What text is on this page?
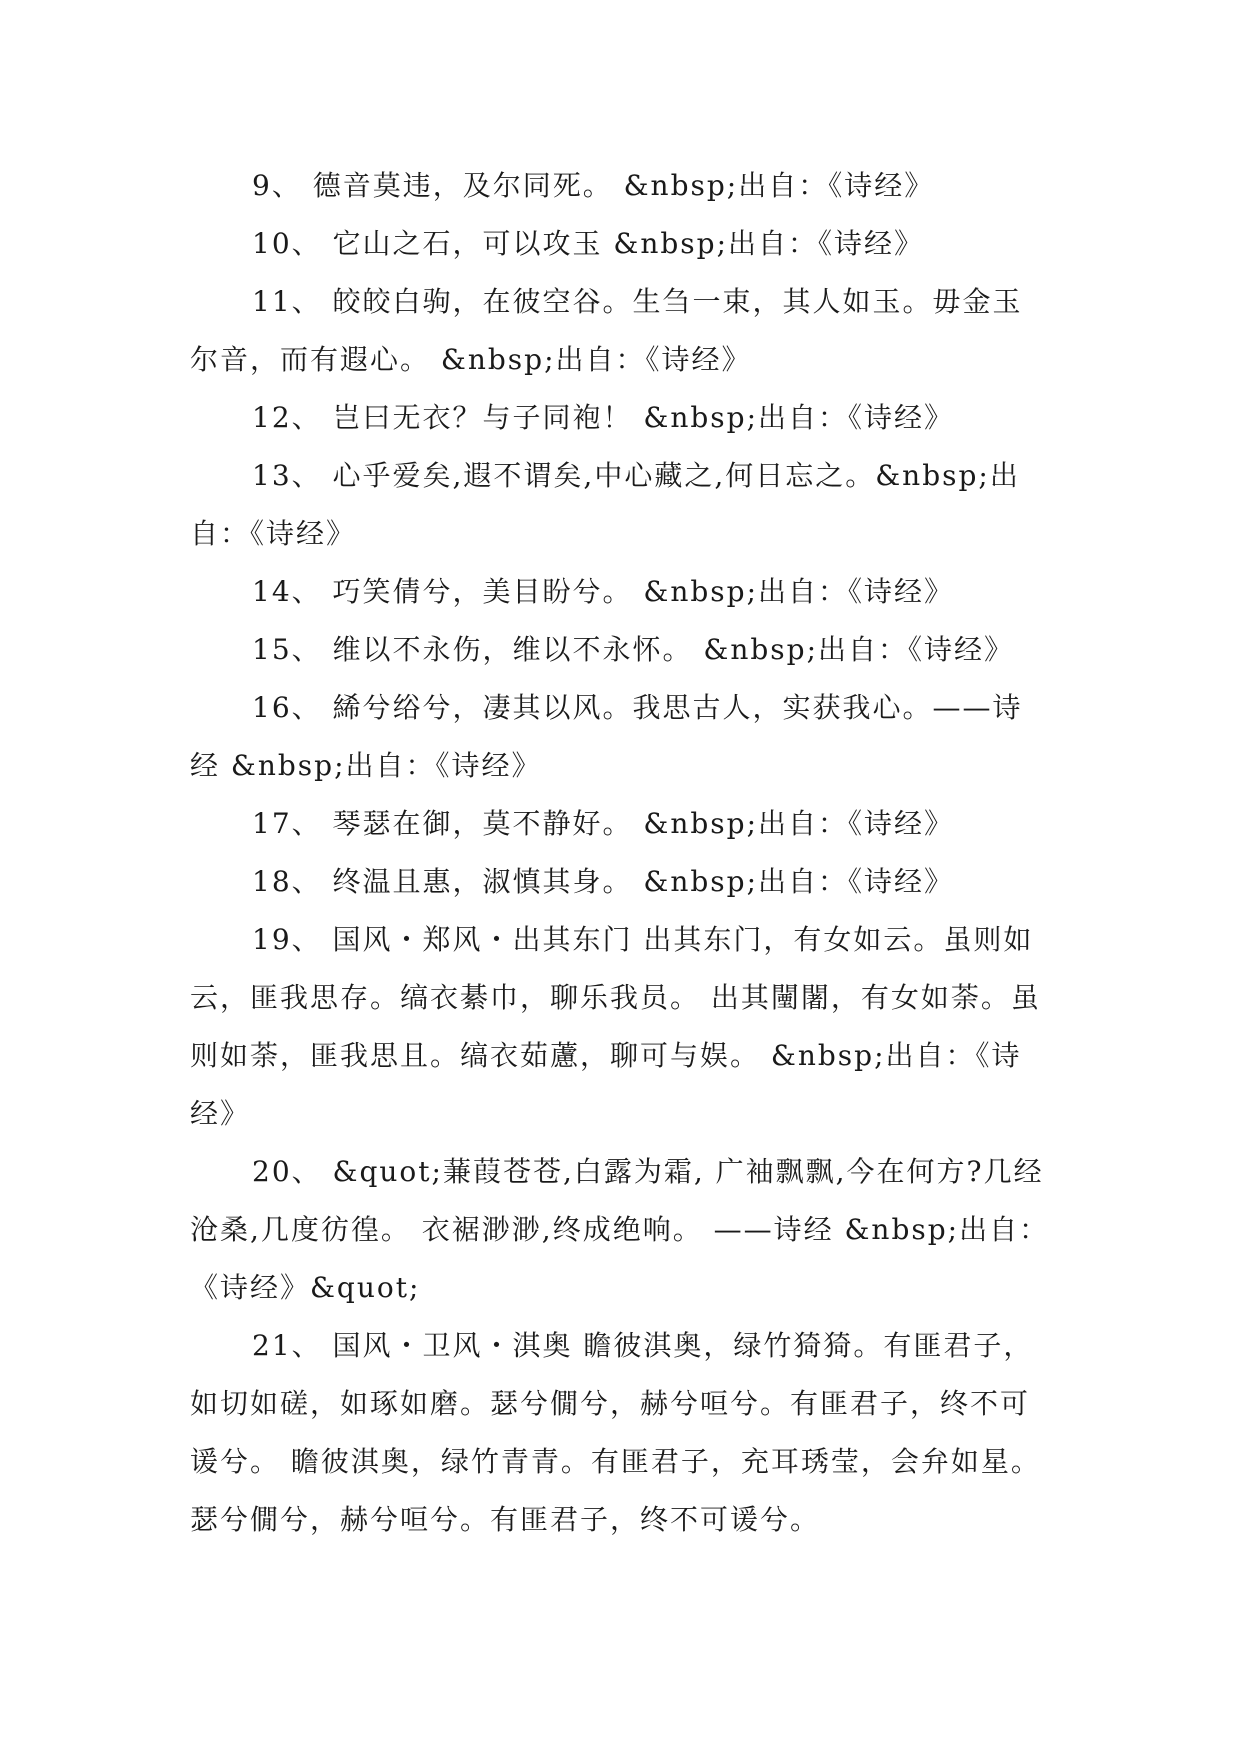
9、 德音莫违，及尔同死。 &nbsp;出自：《诗经》

10、 它山之石，可以攻玉 &nbsp;出自：《诗经》

11、 皎皎白驹，在彼空谷。生刍一束，其人如玉。毋金玉尔音，而有遐心。 &nbsp;出自：《诗经》

12、 岂曰无衣？与子同袍！ &nbsp;出自：《诗经》

13、 心乎爱矣,遐不谓矣,中心藏之,何日忘之。&nbsp;出自：《诗经》

14、 巧笑倩兮，美目盼兮。 &nbsp;出自：《诗经》

15、 维以不永伤，维以不永怀。 &nbsp;出自：《诗经》

16、 絺兮绤兮，凄其以风。我思古人，实获我心。——诗经 &nbsp;出自：《诗经》

17、 琴瑟在御，莫不静好。 &nbsp;出自：《诗经》

18、 终温且惠，淑慎其身。 &nbsp;出自：《诗经》

19、 国风・郑风・出其东门 出其东门，有女如云。虽则如云，匪我思存。缟衣綦巾，聊乐我员。 出其闉闍，有女如荼。虽则如荼，匪我思且。缟衣茹藘，聊可与娱。 &nbsp;出自：《诗经》

20、 &quot;蒹葭苍苍,白露为霜, 广袖飘飘,今在何方?几经沧桑,几度彷徨。 衣裾渺渺,终成绝响。 ——诗经 &nbsp;出自：《诗经》&quot;

21、 国风・卫风・淇奥 瞻彼淇奥，绿竹猗猗。有匪君子，如切如磋，如琢如磨。瑟兮僩兮，赫兮咺兮。有匪君子，终不可谖兮。 瞻彼淇奥，绿竹青青。有匪君子，充耳琇莹，会弁如星。瑟兮僩兮，赫兮咺兮。有匪君子，终不可谖兮。
